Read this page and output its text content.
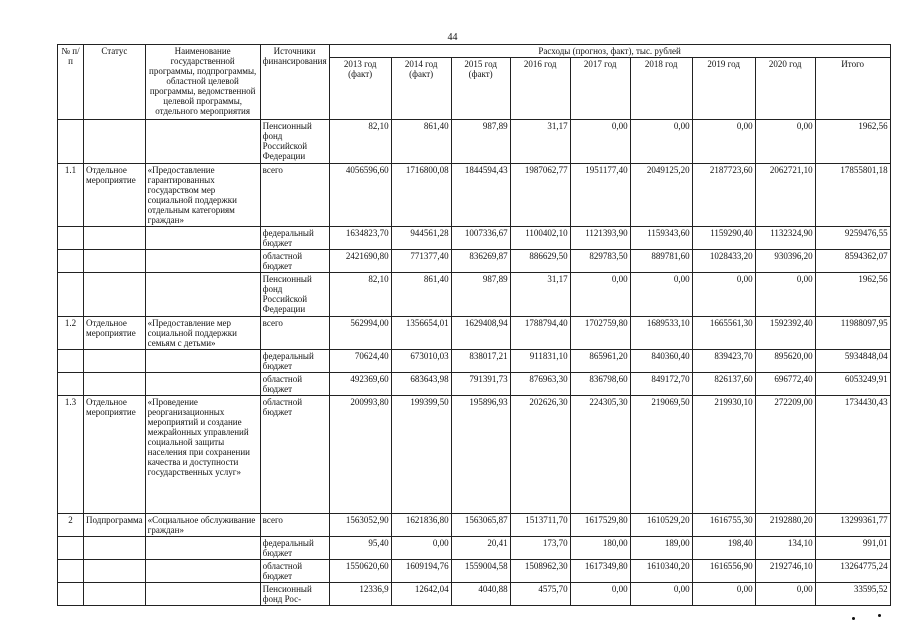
44
№ п/п	Статус	Наименование государственной программы, подпрограммы, областной целевой программы, ведомственной целевой программы, отдельного мероприятия	Источники финансирования	Расходы (прогноз, факт), тыс. рублей								
				2013 год (факт)	2014 год (факт)	2015 год (факт)	2016 год	2017 год	2018 год	2019 год	2020 год	Итого
			Пенсионный фонд Российской Федерации	82,10	861,40	987,89	31,17	0,00	0,00	0,00	0,00	1962,56
1.1	Отдельное мероприятие	«Предоставление гарантированных государством мер социальной поддержки отдельным категориям граждан»	всего	4056596,60	1716800,08	1844594,43	1987062,77	1951177,40	2049125,20	2187723,60	2062721,10	17855801,18
			федеральный бюджет	1634823,70	944561,28	1007336,67	1100402,10	1121393,90	1159343,60	1159290,40	1132324,90	9259476,55
			областной бюджет	2421690,80	771377,40	836269,87	886629,50	829783,50	889781,60	1028433,20	930396,20	8594362,07
			Пенсионный фонд Российской Федерации	82,10	861,40	987,89	31,17	0,00	0,00	0,00	0,00	1962,56
1.2	Отдельное мероприятие	«Предоставление мер социальной поддержки семьям с детьми»	всего	562994,00	1356654,01	1629408,94	1788794,40	1702759,80	1689533,10	1665561,30	1592392,40	11988097,95
			федеральный бюджет	70624,40	673010,03	838017,21	911831,10	865961,20	840360,40	839423,70	895620,00	5934848,04
			областной бюджет	492369,60	683643,98	791391,73	876963,30	836798,60	849172,70	826137,60	696772,40	6053249,91
1.3	Отдельное мероприятие	«Проведение реорганизационных мероприятий и создание межрайонных управлений социальной защиты населения при сохранении качества и доступности государственных услуг»	областной бюджет	200993,80	199399,50	195896,93	202626,30	224305,30	219069,50	219930,10	272209,00	1734430,43
2	Подпрограмма	«Социальное обслуживание граждан»	всего	1563052,90	1621836,80	1563065,87	1513711,70	1617529,80	1610529,20	1616755,30	2192880,20	13299361,77
			федеральный бюджет	95,40	0,00	20,41	173,70	180,00	189,00	198,40	134,10	991,01
			областной бюджет	1550620,60	1609194,76	1559004,58	1508962,30	1617349,80	1610340,20	1616556,90	2192746,10	13264775,24
			Пенсионный фонд Рос-	12336,9	12642,04	4040,88	4575,70	0,00	0,00	0,00	0,00	33595,52
